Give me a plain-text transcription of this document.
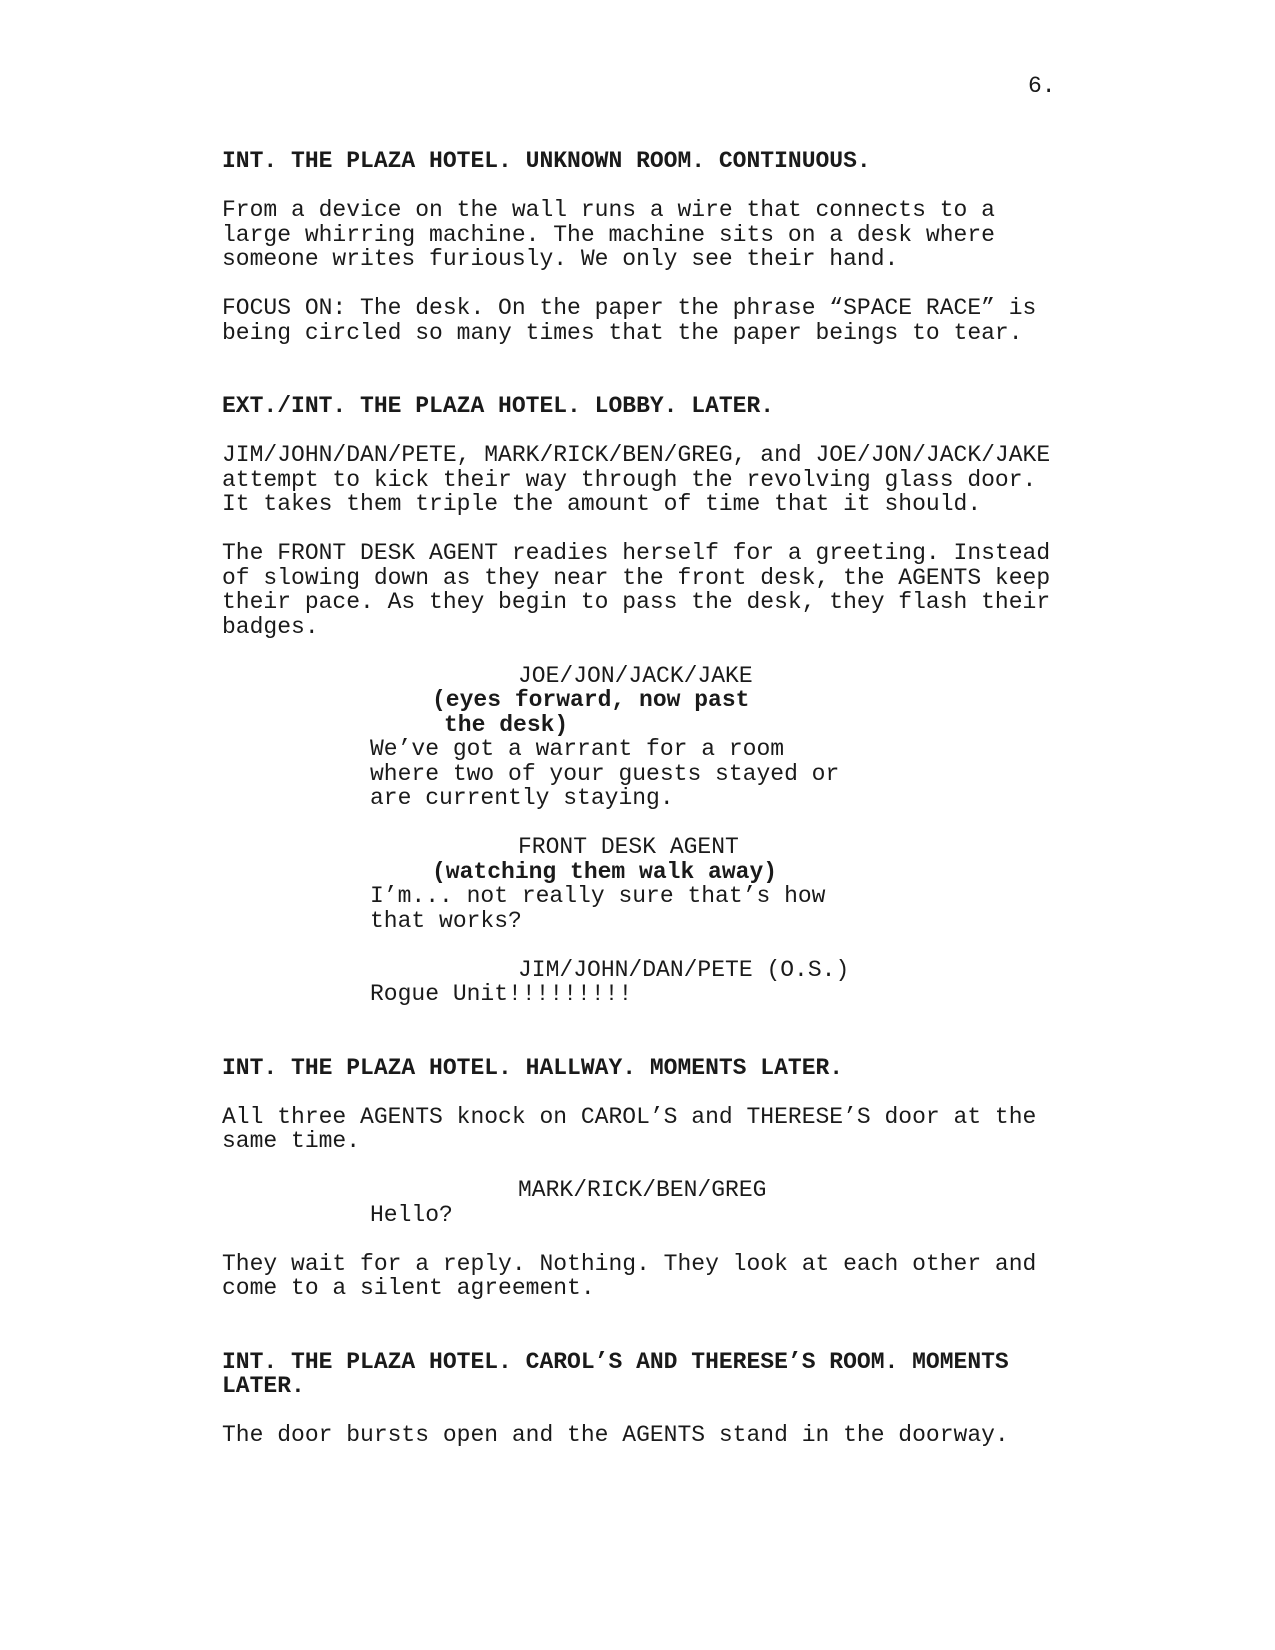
6.
INT. THE PLAZA HOTEL. UNKNOWN ROOM. CONTINUOUS.
From a device on the wall runs a wire that connects to a
large whirring machine. The machine sits on a desk where
someone writes furiously. We only see their hand.
FOCUS ON: The desk. On the paper the phrase “SPACE RACE” is
being circled so many times that the paper beings to tear.
EXT./INT. THE PLAZA HOTEL. LOBBY. LATER.
JIM/JOHN/DAN/PETE, MARK/RICK/BEN/GREG, and JOE/JON/JACK/JAKE
attempt to kick their way through the revolving glass door.
It takes them triple the amount of time that it should.
The FRONT DESK AGENT readies herself for a greeting. Instead
of slowing down as they near the front desk, the AGENTS keep
their pace. As they begin to pass the desk, they flash their
badges.
JOE/JON/JACK/JAKE
(eyes forward, now past
the desk)
We’ve got a warrant for a room
where two of your guests stayed or
are currently staying.
FRONT DESK AGENT
(watching them walk away)
I’m... not really sure that’s how
that works?
JIM/JOHN/DAN/PETE (O.S.)
Rogue Unit!!!!!!!!!
INT. THE PLAZA HOTEL. HALLWAY. MOMENTS LATER.
All three AGENTS knock on CAROL’S and THERESE’S door at the
same time.
MARK/RICK/BEN/GREG
Hello?
They wait for a reply. Nothing. They look at each other and
come to a silent agreement.
INT. THE PLAZA HOTEL. CAROL’S AND THERESE’S ROOM. MOMENTS
LATER.
The door bursts open and the AGENTS stand in the doorway.
